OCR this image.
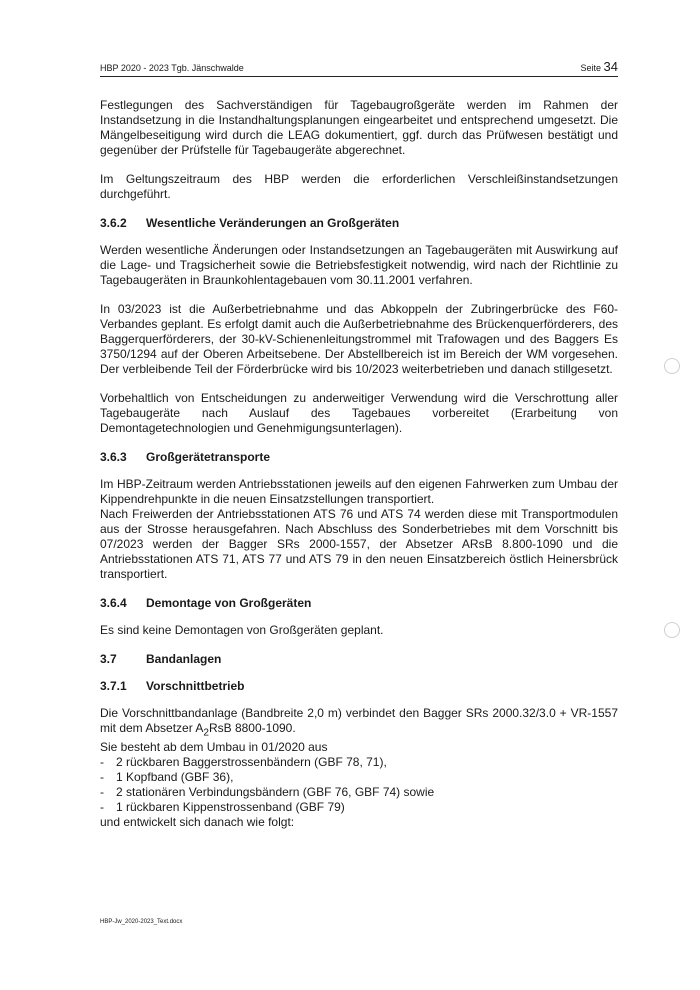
HBP 2020 - 2023 Tgb. Jänschwalde	Seite 34

Festlegungen des Sachverständigen für Tagebaugroßgeräte werden im Rahmen der Instandsetzung in die Instandhaltungsplanungen eingearbeitet und entsprechend umgesetzt. Die Mängelbeseitigung wird durch die LEAG dokumentiert, ggf. durch das Prüfwesen bestätigt und gegenüber der Prüfstelle für Tagebaugeräte abgerechnet.

Im Geltungszeitraum des HBP werden die erforderlichen Verschleißinstandsetzungen durchgeführt.

3.6.2	Wesentliche Veränderungen an Großgeräten

Werden wesentliche Änderungen oder Instandsetzungen an Tagebaugeräten mit Auswirkung auf die Lage- und Tragsicherheit sowie die Betriebsfestigkeit notwendig, wird nach der Richtlinie zu Tagebaugeräten in Braunkohlentagebauen vom 30.11.2001 verfahren.

In 03/2023 ist die Außerbetriebnahme und das Abkoppeln der Zubringerbrücke des F60-Verbandes geplant. Es erfolgt damit auch die Außerbetriebnahme des Brückenquerförderers, des Baggerquerförderers, der 30-kV-Schienenleitungstrommel mit Trafowagen und des Baggers Es 3750/1294 auf der Oberen Arbeitsebene. Der Abstellbereich ist im Bereich der WM vorgesehen. Der verbleibende Teil der Förderbrücke wird bis 10/2023 weiterbetrieben und danach stillgesetzt.

Vorbehaltlich von Entscheidungen zu anderweitiger Verwendung wird die Verschrottung aller Tagebaugeräte nach Auslauf des Tagebaues vorbereitet (Erarbeitung von Demontagetechnologien und Genehmigungsunterlagen).

3.6.3	Großgerätetransporte

Im HBP-Zeitraum werden Antriebsstationen jeweils auf den eigenen Fahrwerken zum Umbau der Kippendrehpunkte in die neuen Einsatzstellungen transportiert.

Nach Freiwerden der Antriebsstationen ATS 76 und ATS 74 werden diese mit Transportmodulen aus der Strosse herausgefahren. Nach Abschluss des Sonderbetriebes mit dem Vorschnitt bis 07/2023 werden der Bagger SRs 2000-1557, der Absetzer ARsB 8.800-1090 und die Antriebsstationen ATS 71, ATS 77 und ATS 79 in den neuen Einsatzbereich östlich Heinersbrück transportiert.

3.6.4	Demontage von Großgeräten

Es sind keine Demontagen von Großgeräten geplant.

3.7	Bandanlagen
3.7.1	Vorschnittbetrieb

Die Vorschnittbandanlage (Bandbreite 2,0 m) verbindet den Bagger SRs 2000.32/3.0 + VR-1557 mit dem Absetzer $A_2RsB$ 8800-1090.

Sie besteht ab dem Umbau in 01/2020 aus

- 2 rückbaren Baggerstrossenbändern (GBF 78, 71),
- 1 Kopfband (GBF 36),
- 2 stationären Verbindungsbändern (GBF 76, GBF 74) sowie
- 1 rückbaren Kippenstrossenband (GBF 79)

und entwickelt sich danach wie folgt:

HBP-Jw_2020-2023_Text.docx
